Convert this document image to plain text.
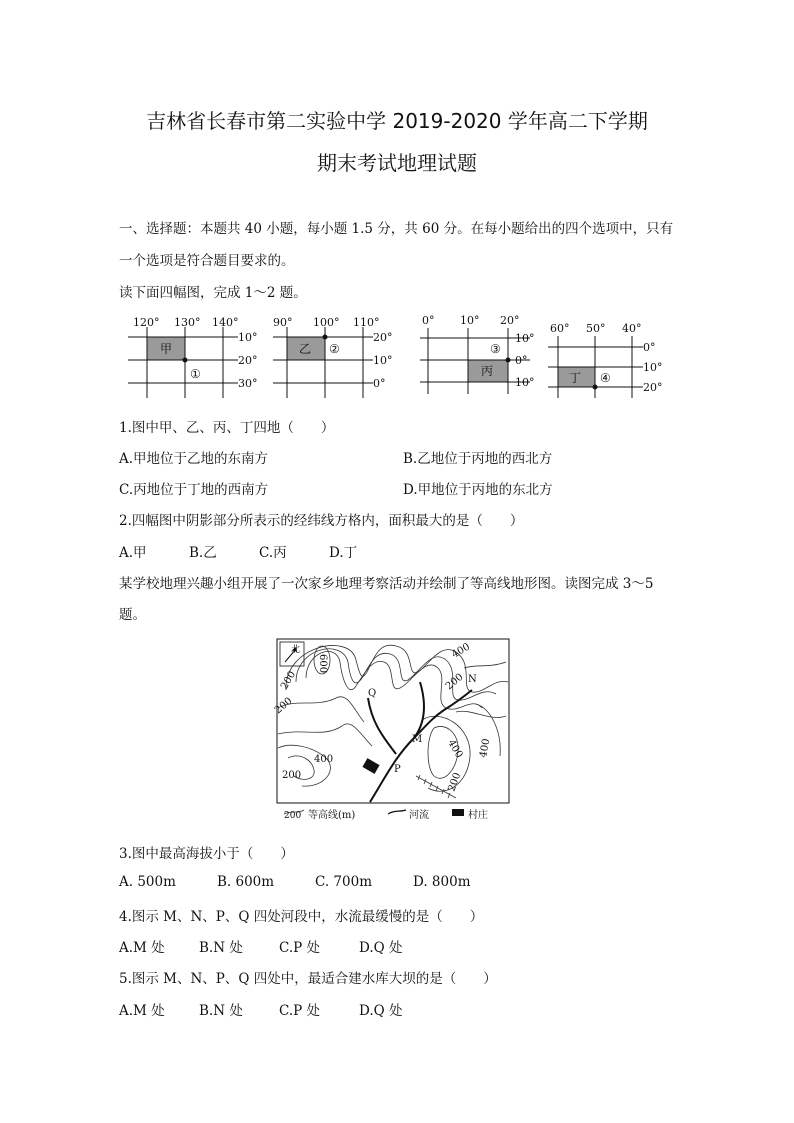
吉林省长春市第二实验中学 2019-2020 学年高二下学期
期末考试地理试题
一、选择题：本题共 40 小题，每小题 1.5 分，共 60 分。在每小题给出的四个选项中，只有
一个选项是符合题目要求的。
读下面四幅图，完成 1～2 题。
120° 130° 140°
10°
20°
30°
甲
①
90° 100° 110°
20°
10°
0°
乙 ②
0° 10° 20°
10°
0°
10°
丙
③
60° 50° 40°
0°
10°
20°
丁 ④
1.图中甲、乙、丙、丁四地（　　）
A.甲地位于乙地的东南方	B.乙地位于丙地的西北方
C.丙地位于丁地的西南方	D.甲地位于丙地的东北方
2.四幅图中阴影部分所表示的经纬线方格内，面积最大的是（　　）
A.甲	B.乙	C.丙	D.丁
某学校地理兴趣小组开展了一次家乡地理考察活动并绘制了等高线地形图。读图完成 3～5
题。
北
600
400
200
200
200
400
400
200
400
200
Q
N
M
P
200 等高线(m)	河流	村庄
3.图中最高海拔小于（　　）
A. 500m	B. 600m	C. 700m	D. 800m
4.图示 M、N、P、Q 四处河段中，水流最缓慢的是（　　）
A.M 处	B.N 处	C.P 处	D.Q 处
5.图示 M、N、P、Q 四处中，最适合建水库大坝的是（　　）
A.M 处	B.N 处	C.P 处	D.Q 处
